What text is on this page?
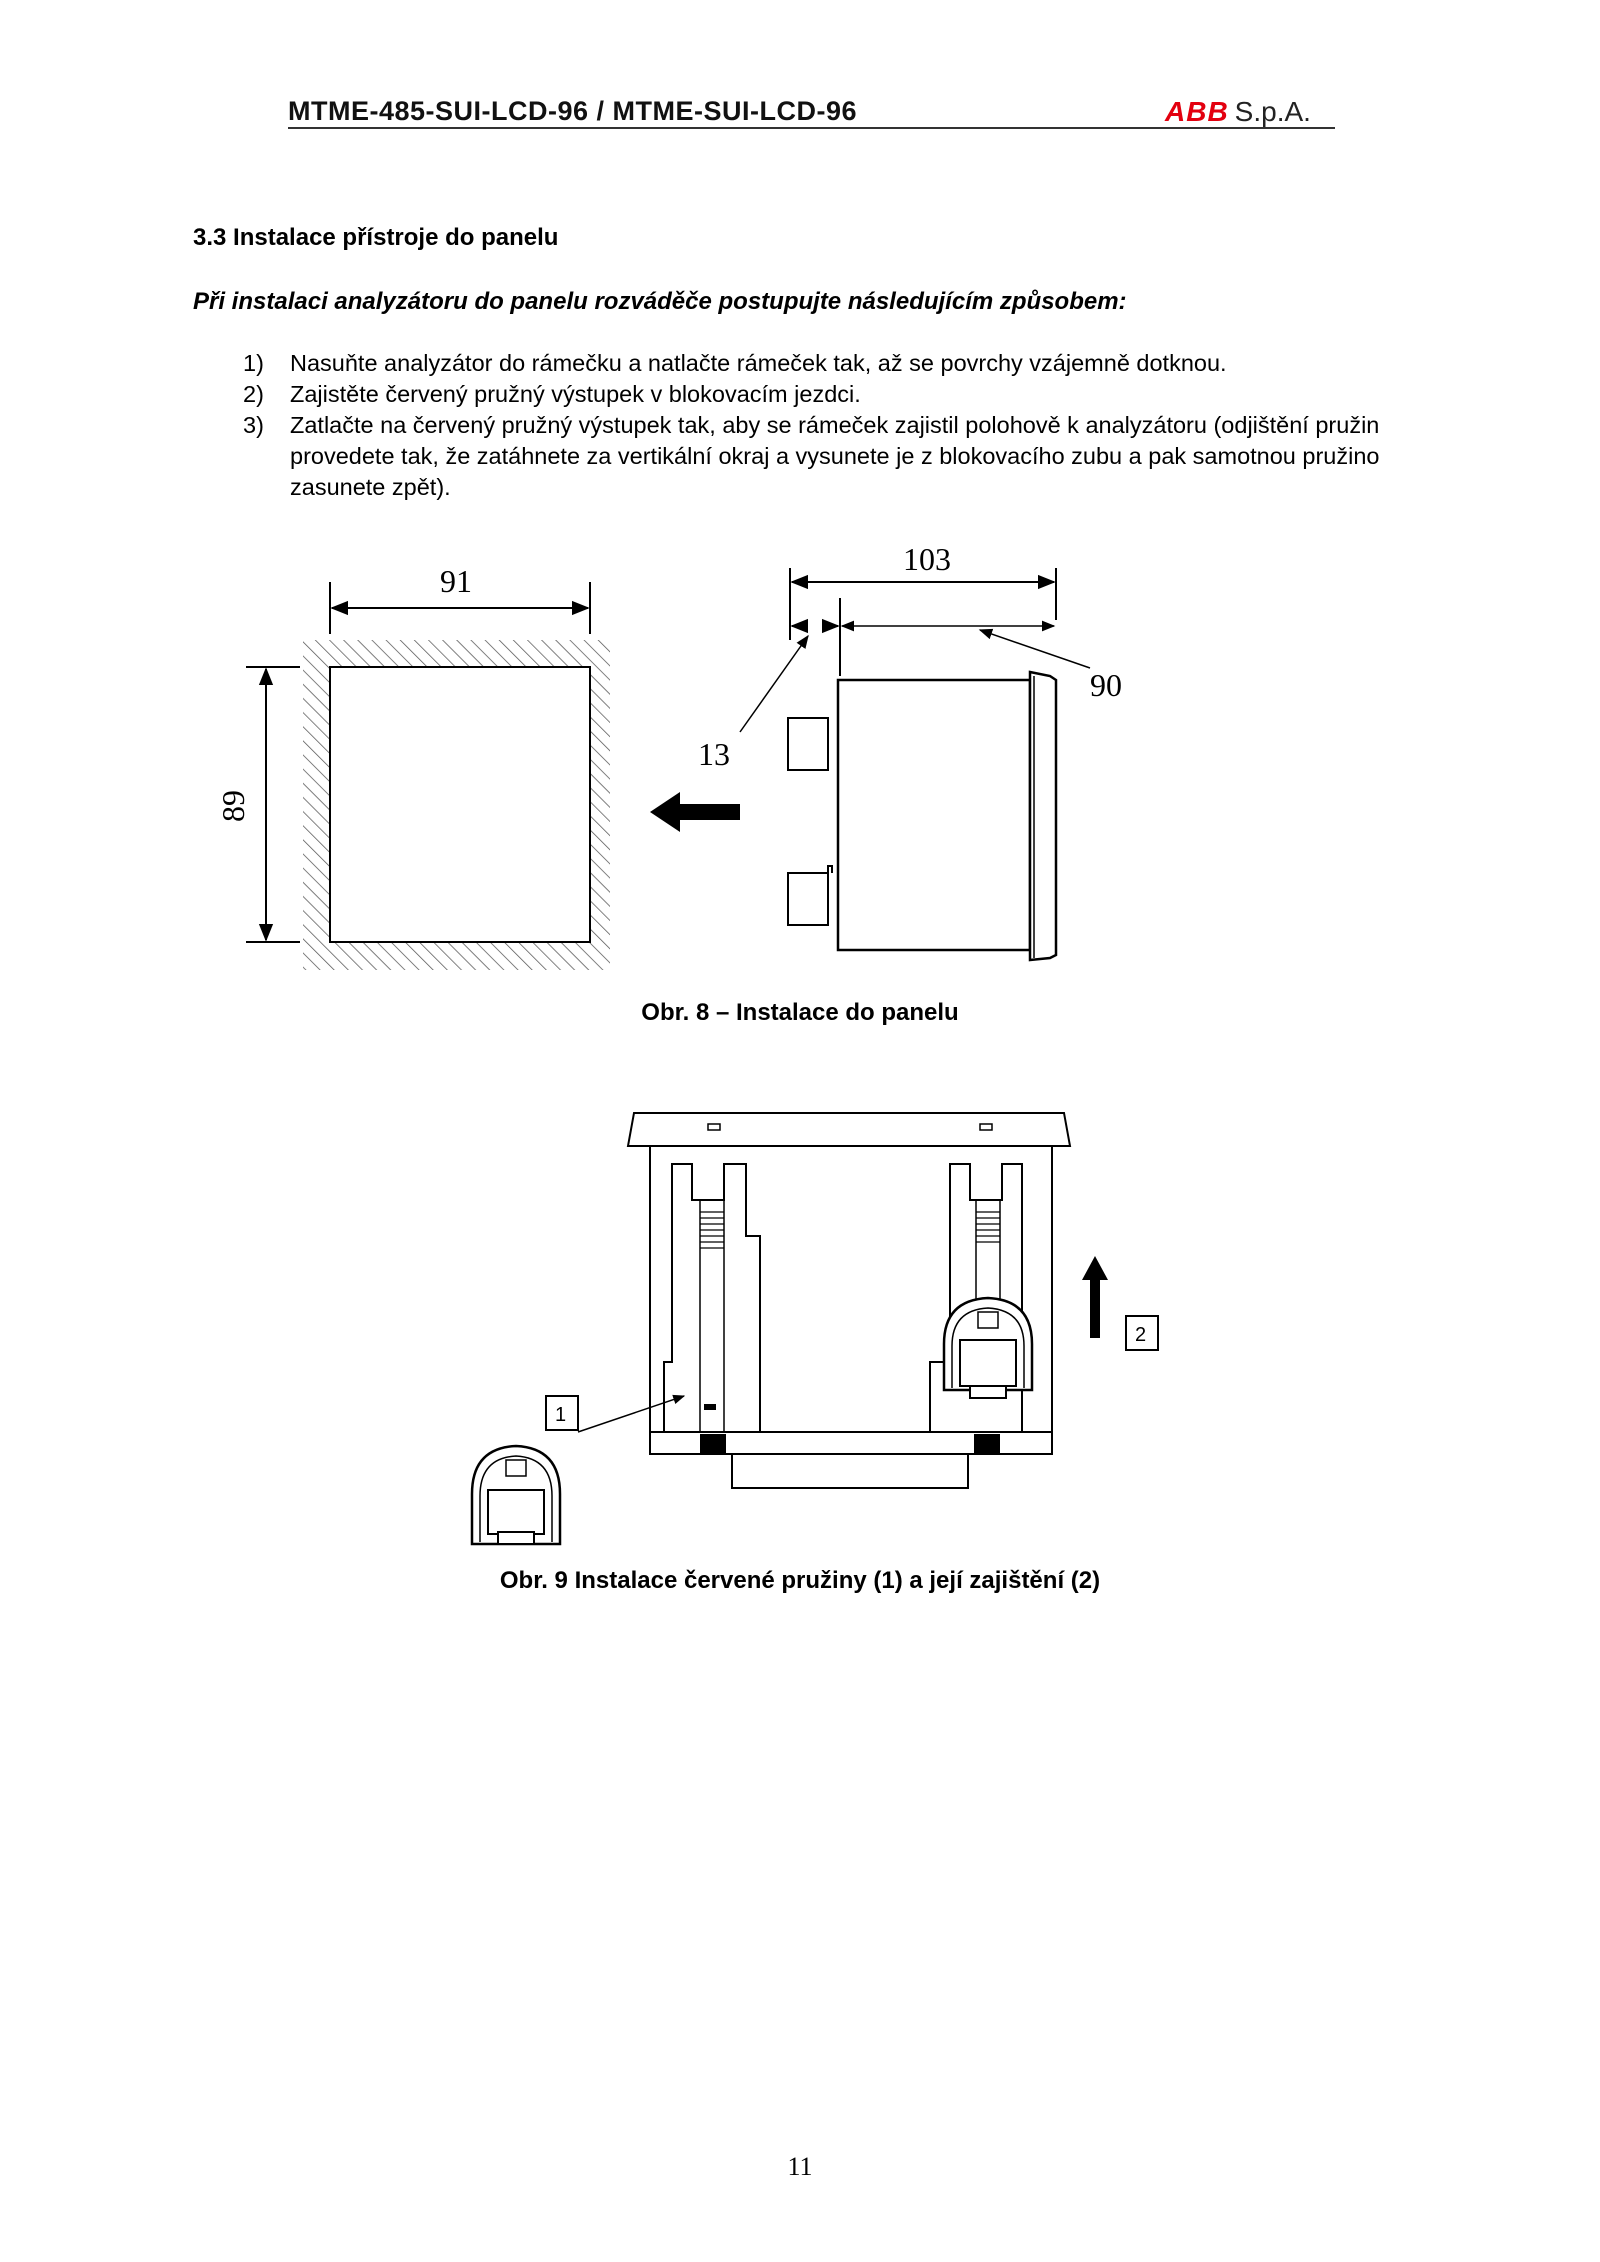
MTME-485-SUI-LCD-96 / MTME-SUI-LCD-96	ABB S.p.A.
3.3 Instalace přístroje do panelu
Při instalaci analyzátoru do panelu rozváděče postupujte následujícím způsobem:
1) Nasuňte analyzátor do rámečku a natlačte rámeček tak, až se povrchy vzájemně dotknou.
2) Zajistěte červený pružný výstupek v blokovacím jezdci.
3) Zatlačte na červený pružný výstupek tak, aby se rámeček zajistil polohově k analyzátoru (odjištění pružin provedete tak, že zatáhnete za vertikální okraj a vysunete je z blokovacího zubu a pak samotnou pružino zasunete zpět).
91
89
103
13
90
Obr. 8 – Instalace do panelu
1
2
Obr. 9 Instalace červené pružiny (1) a její zajištění (2)
11
